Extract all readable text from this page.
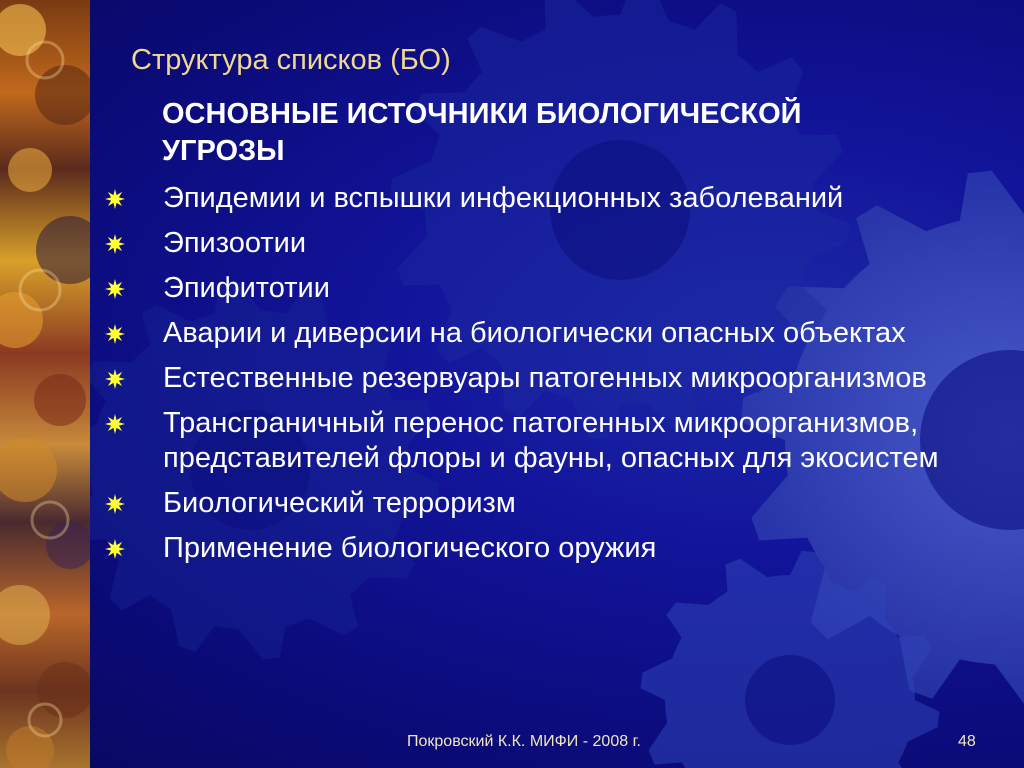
Структура списков (БО)
ОСНОВНЫЕ ИСТОЧНИКИ БИОЛОГИЧЕСКОЙ
УГРОЗЫ
Эпидемии и вспышки инфекционных заболеваний
Эпизоотии
Эпифитотии
Аварии и диверсии на биологически опасных объектах
Естественные резервуары патогенных микроорганизмов
Трансграничный перенос патогенных микроорганизмов, представителей флоры и фауны, опасных для экосистем
Биологический терроризм
Применение биологического оружия
Покровский К.К. МИФИ - 2008 г.	48
